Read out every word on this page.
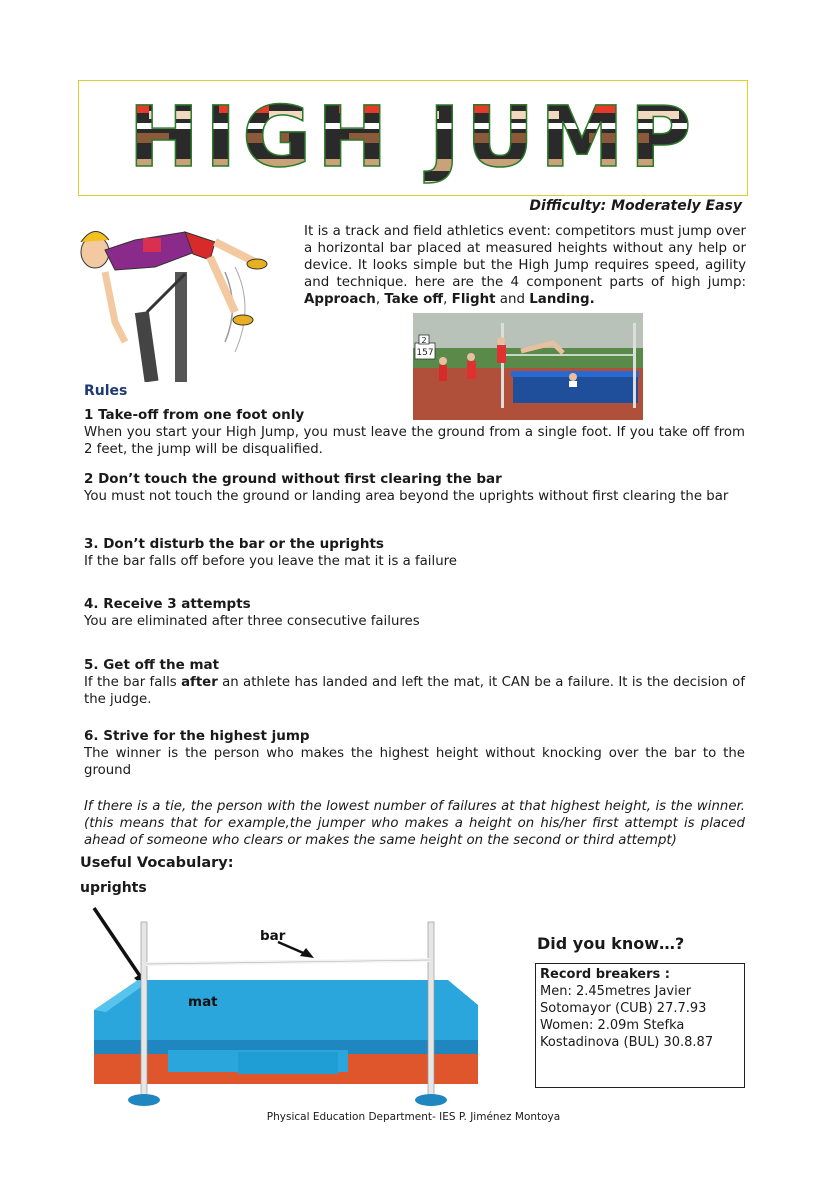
HIGH JUMP
Difficulty: Moderately Easy
It is a track and field athletics event: competitors must jump over a horizontal bar placed at measured heights without any help or device. It looks simple but the High Jump requires speed, agility and technique. here are the 4 component parts of high jump: Approach, Take off, Flight and Landing.
2
157
Rules
1 Take-off from one foot only
When you start your High Jump, you must leave the ground from a single foot. If you take off from 2 feet, the jump will be disqualified.
2 Don’t touch the ground without first clearing the bar
You must not touch the ground or landing area beyond the uprights without first clearing the bar
3. Don’t disturb the bar or the uprights
If the bar falls off before you leave the mat it is a failure
4. Receive 3 attempts
You are eliminated after three consecutive failures
5. Get off the mat
If the bar falls after an athlete has landed and left the mat, it CAN be a failure. It is the decision of the judge.
6. Strive for the highest jump
The winner is the person who makes the highest height without knocking over the bar to the ground
If there is a tie, the person with the lowest number of failures at that highest height, is the winner. (this means that for example,the jumper who makes a height on his/her first attempt is placed ahead of someone who clears or makes the same height on the second or third attempt)
Useful Vocabulary:
uprights
bar
mat
Did you know…?
Record breakers :
Men: 2.45metres Javier
Sotomayor (CUB) 27.7.93
Women: 2.09m Stefka
Kostadinova (BUL) 30.8.87
Physical Education Department- IES P. Jiménez Montoya
